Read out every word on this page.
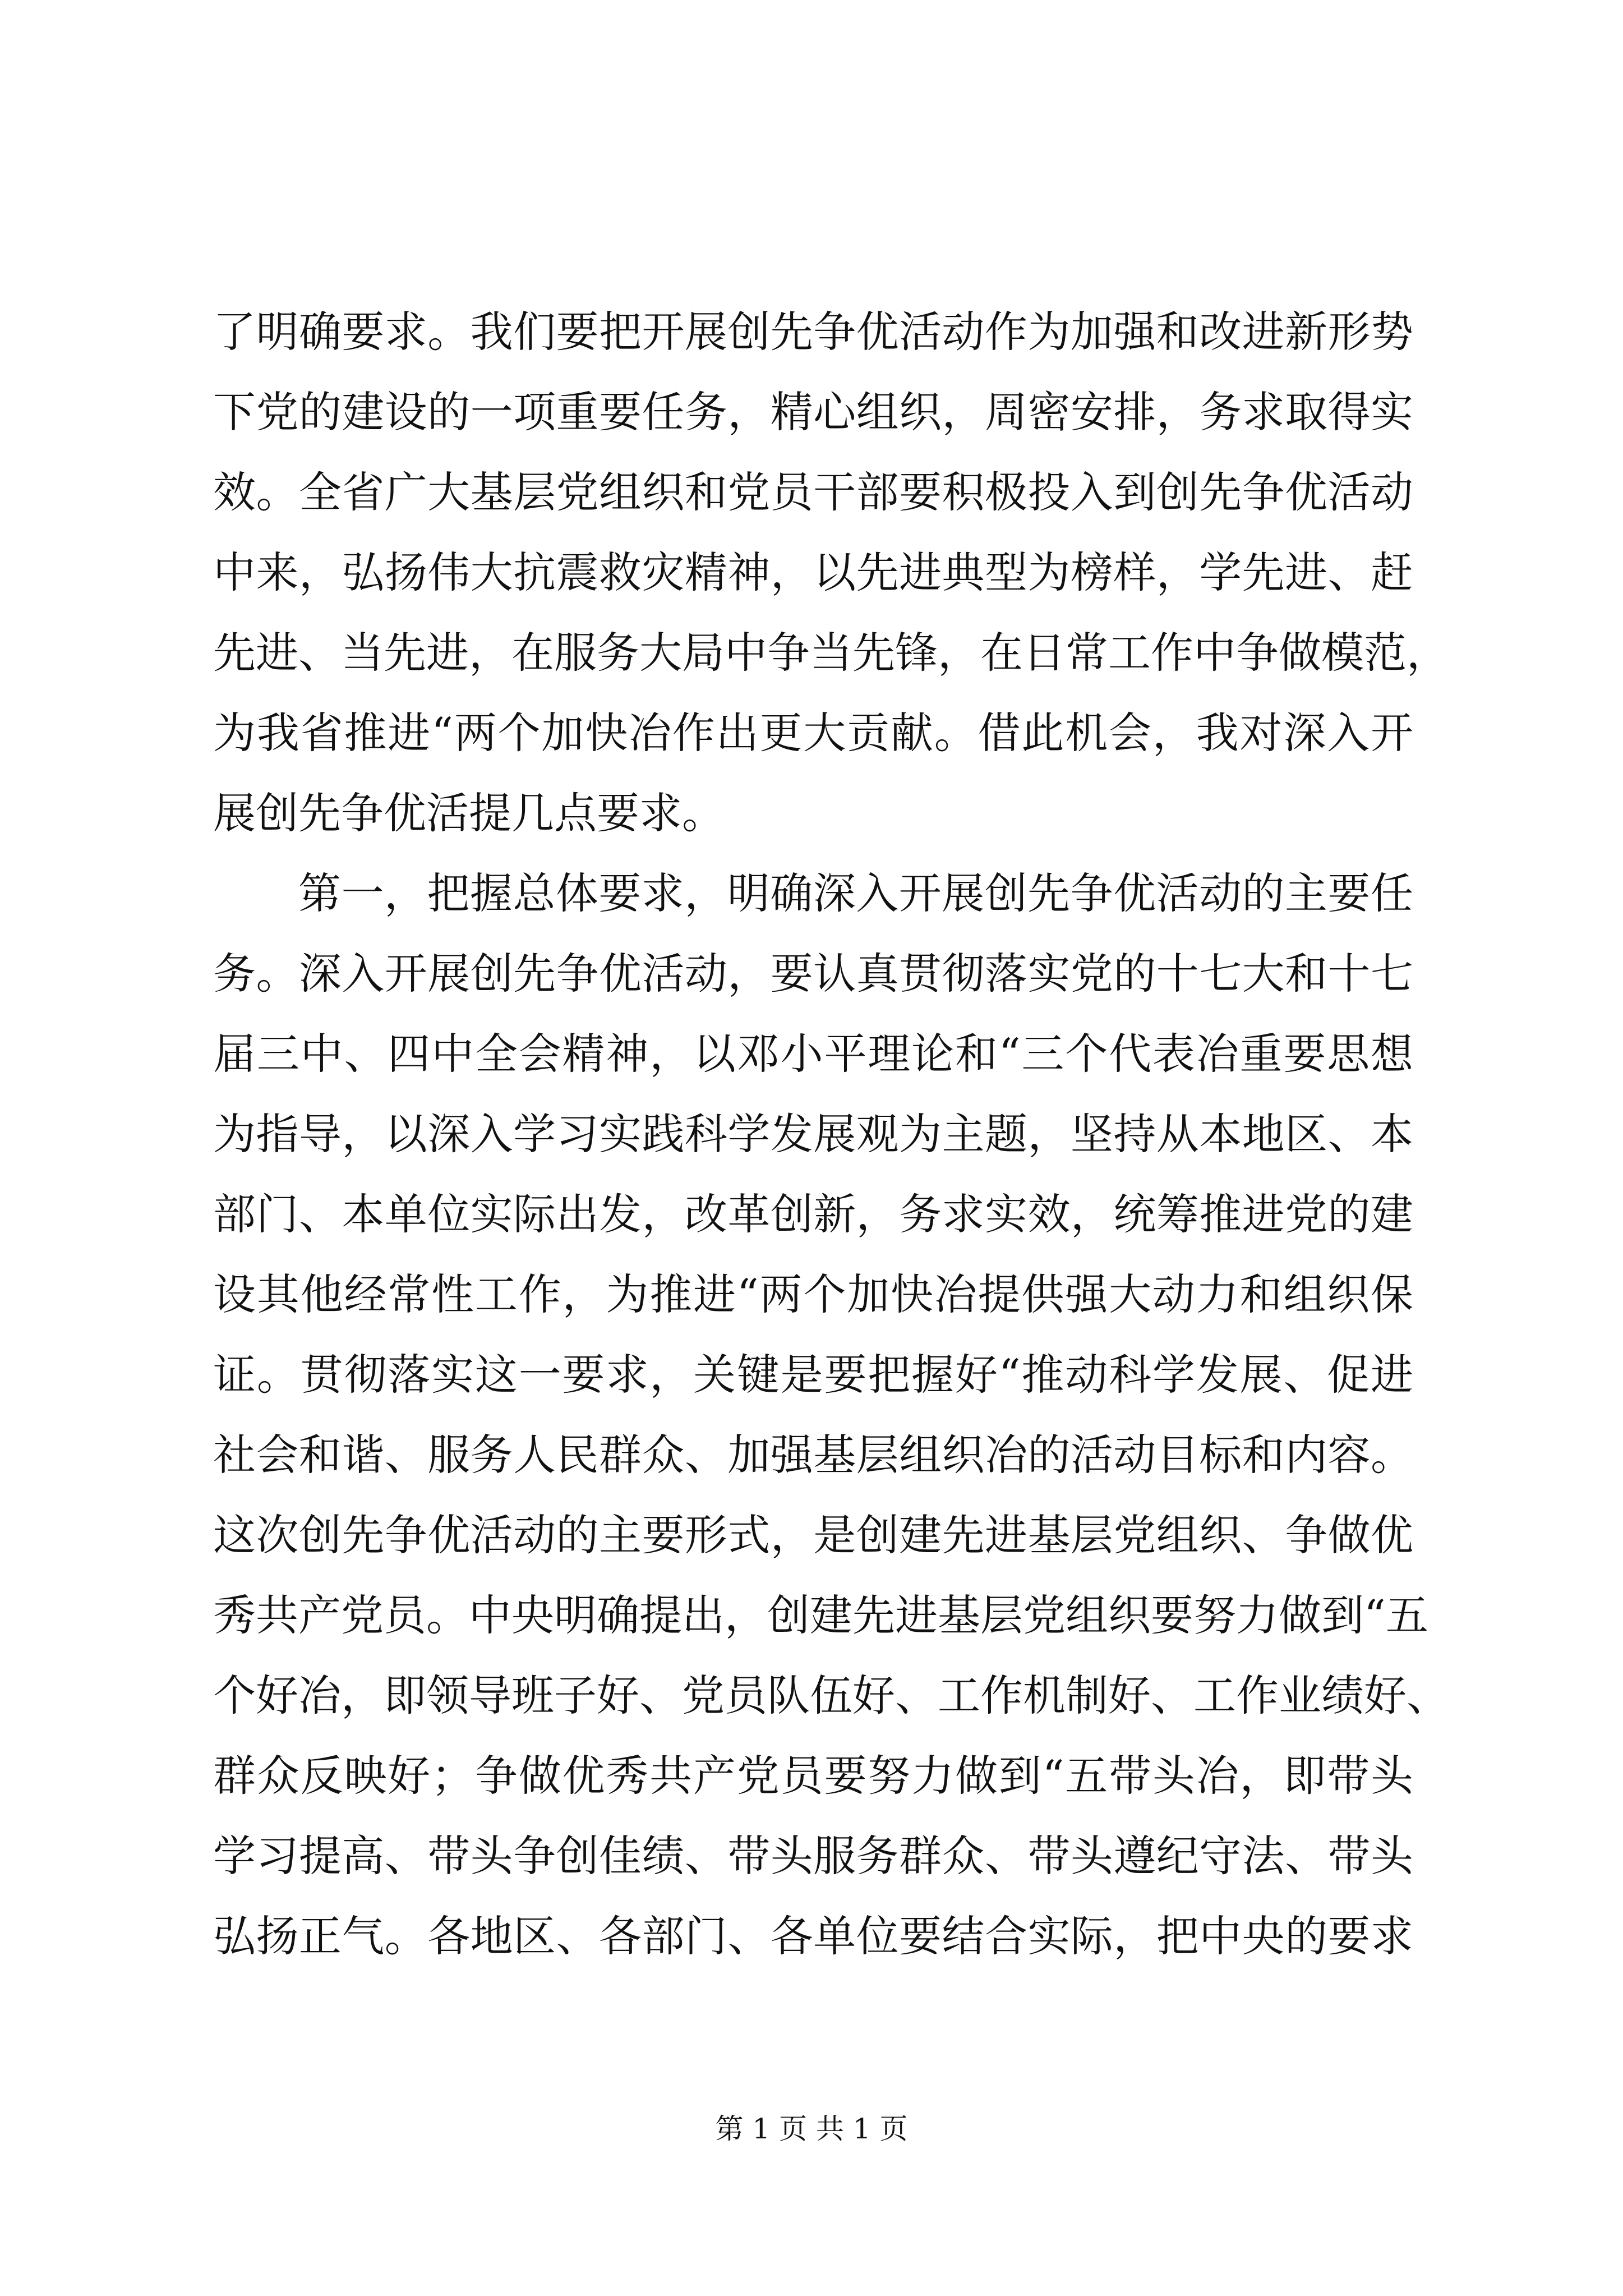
了明确要求。我们要把开展创先争优活动作为加强和改进新形势
下党的建设的一项重要任务，精心组织，周密安排，务求取得实
效。全省广大基层党组织和党员干部要积极投入到创先争优活动
中来，弘扬伟大抗震救灾精神，以先进典型为榜样，学先进、赶
先进、当先进，在服务大局中争当先锋，在日常工作中争做模范，
为我省推进“两个加快冶作出更大贡献。借此机会，我对深入开
展创先争优活提几点要求。
第一，把握总体要求，明确深入开展创先争优活动的主要任
务。深入开展创先争优活动，要认真贯彻落实党的十七大和十七
届三中、四中全会精神，以邓小平理论和“三个代表冶重要思想
为指导，以深入学习实践科学发展观为主题，坚持从本地区、本
部门、本单位实际出发，改革创新，务求实效，统筹推进党的建
设其他经常性工作，为推进“两个加快冶提供强大动力和组织保
证。贯彻落实这一要求，关键是要把握好“推动科学发展、促进
社会和谐、服务人民群众、加强基层组织冶的活动目标和内容。
这次创先争优活动的主要形式，是创建先进基层党组织、争做优
秀共产党员。中央明确提出，创建先进基层党组织要努力做到“五
个好冶，即领导班子好、党员队伍好、工作机制好、工作业绩好、
群众反映好；争做优秀共产党员要努力做到“五带头冶，即带头
学习提高、带头争创佳绩、带头服务群众、带头遵纪守法、带头
弘扬正气。各地区、各部门、各单位要结合实际，把中央的要求
第 1 页 共 1 页
